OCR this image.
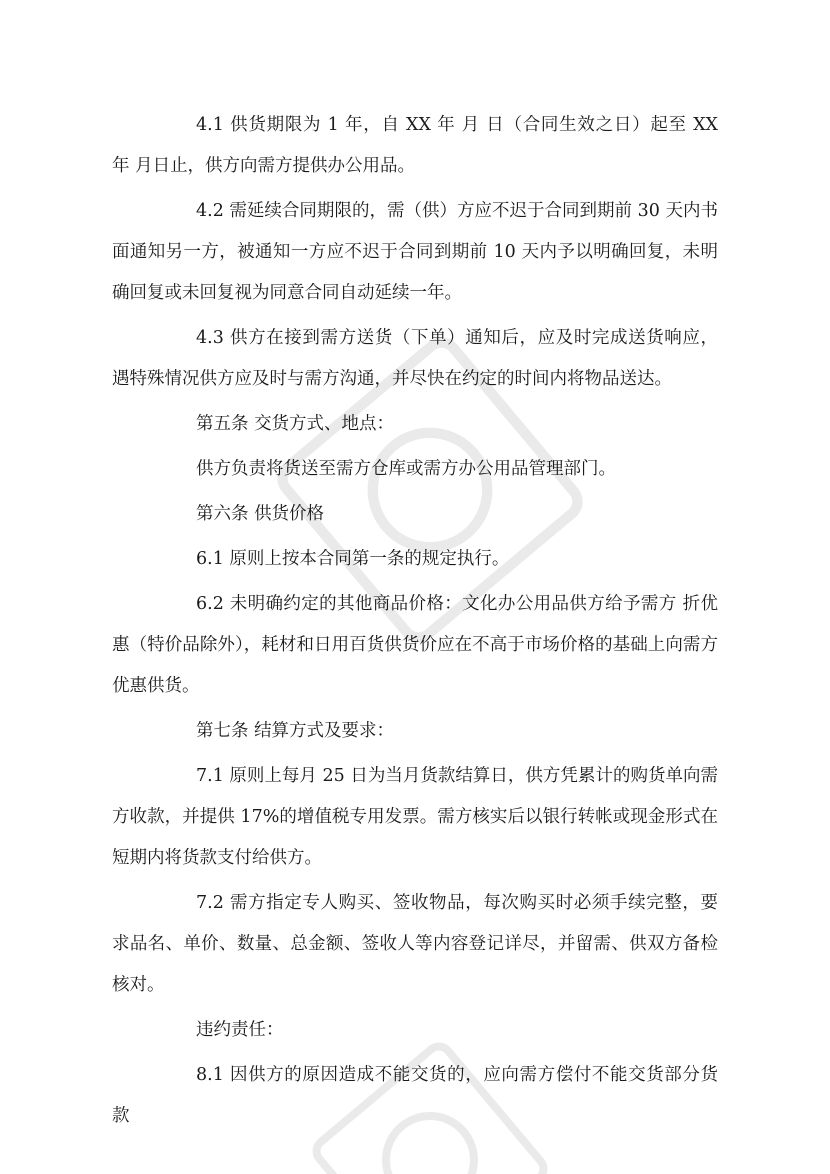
4.1 供货期限为 1 年，自 XX 年 月 日（合同生效之日）起至 XX 年 月日止，供方向需方提供办公用品。

4.2 需延续合同期限的，需（供）方应不迟于合同到期前 30 天内书面通知另一方，被通知一方应不迟于合同到期前 10 天内予以明确回复，未明确回复或未回复视为同意合同自动延续一年。

4.3 供方在接到需方送货（下单）通知后，应及时完成送货响应，遇特殊情况供方应及时与需方沟通，并尽快在约定的时间内将物品送达。

第五条 交货方式、地点：

供方负责将货送至需方仓库或需方办公用品管理部门。

第六条 供货价格

6.1 原则上按本合同第一条的规定执行。

6.2 未明确约定的其他商品价格：文化办公用品供方给予需方 折优惠（特价品除外），耗材和日用百货供货价应在不高于市场价格的基础上向需方优惠供货。

第七条 结算方式及要求：

7.1 原则上每月 25 日为当月货款结算日，供方凭累计的购货单向需方收款，并提供 17%的增值税专用发票。需方核实后以银行转帐或现金形式在短期内将货款支付给供方。

7.2 需方指定专人购买、签收物品，每次购买时必须手续完整，要求品名、单价、数量、总金额、签收人等内容登记详尽，并留需、供双方备检核对。

违约责任：

8.1 因供方的原因造成不能交货的，应向需方偿付不能交货部分货款
